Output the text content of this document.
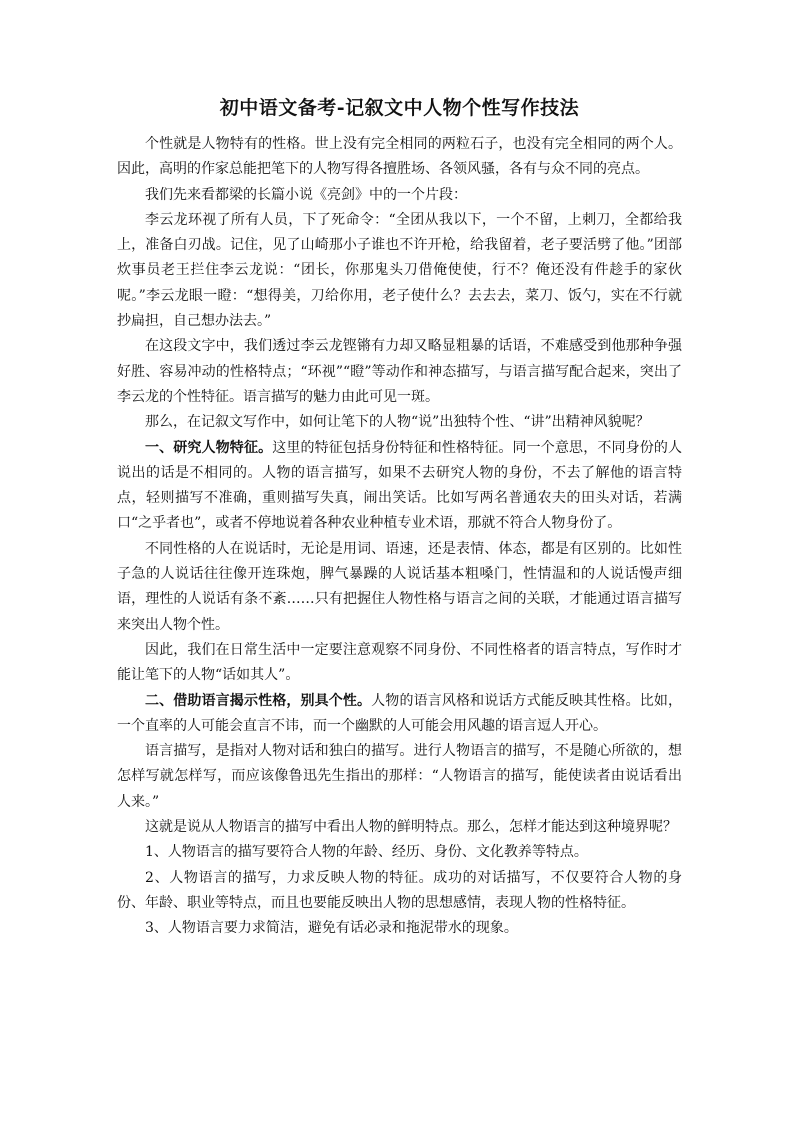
初中语文备考-记叙文中人物个性写作技法

个性就是人物特有的性格。世上没有完全相同的两粒石子，也没有完全相同的两个人。因此，高明的作家总能把笔下的人物写得各擅胜场、各领风骚，各有与众不同的亮点。

我们先来看都梁的长篇小说《亮剑》中的一个片段：

李云龙环视了所有人员，下了死命令：“全团从我以下，一个不留，上刺刀，全都给我上，准备白刃战。记住，见了山崎那小子谁也不许开枪，给我留着，老子要活劈了他。”团部炊事员老王拦住李云龙说：“团长，你那鬼头刀借俺使使，行不？俺还没有件趁手的家伙呢。”李云龙眼一瞪：“想得美，刀给你用，老子使什么？去去去，菜刀、饭勺，实在不行就抄扁担，自己想办法去。”

在这段文字中，我们透过李云龙铿锵有力却又略显粗暴的话语，不难感受到他那种争强好胜、容易冲动的性格特点；“环视”“瞪”等动作和神态描写，与语言描写配合起来，突出了李云龙的个性特征。语言描写的魅力由此可见一斑。

那么，在记叙文写作中，如何让笔下的人物“说”出独特个性、“讲”出精神风貌呢？

一、研究人物特征。这里的特征包括身份特征和性格特征。同一个意思，不同身份的人说出的话是不相同的。人物的语言描写，如果不去研究人物的身份，不去了解他的语言特点，轻则描写不准确，重则描写失真，闹出笑话。比如写两名普通农夫的田头对话，若满口“之乎者也”，或者不停地说着各种农业种植专业术语，那就不符合人物身份了。

不同性格的人在说话时，无论是用词、语速，还是表情、体态，都是有区别的。比如性子急的人说话往往像开连珠炮，脾气暴躁的人说话基本粗嗓门，性情温和的人说话慢声细语，理性的人说话有条不紊……只有把握住人物性格与语言之间的关联，才能通过语言描写来突出人物个性。

因此，我们在日常生活中一定要注意观察不同身份、不同性格者的语言特点，写作时才能让笔下的人物“话如其人”。

二、借助语言揭示性格，别具个性。人物的语言风格和说话方式能反映其性格。比如，一个直率的人可能会直言不讳，而一个幽默的人可能会用风趣的语言逗人开心。

语言描写，是指对人物对话和独白的描写。进行人物语言的描写，不是随心所欲的，想怎样写就怎样写，而应该像鲁迅先生指出的那样：“人物语言的描写，能使读者由说话看出人来。”

这就是说从人物语言的描写中看出人物的鲜明特点。那么，怎样才能达到这种境界呢？

1、人物语言的描写要符合人物的年龄、经历、身份、文化教养等特点。

2、人物语言的描写，力求反映人物的特征。成功的对话描写，不仅要符合人物的身份、年龄、职业等特点，而且也要能反映出人物的思想感情，表现人物的性格特征。

3、人物语言要力求简洁，避免有话必录和拖泥带水的现象。
